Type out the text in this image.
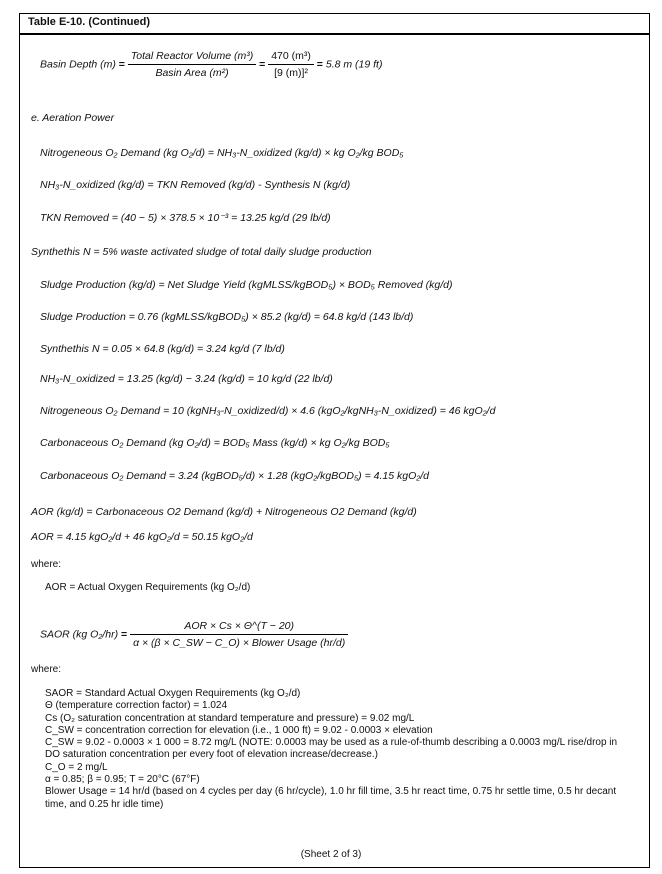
Table E-10. (Continued)
Basin Depth $(m) = \frac{\text{Total Reactor Volume (m³)}}{\text{Basin Area (m²)}} = \frac{\text{470 (m³)}}{\text{[9 (m)]²}} = 5.8$ m (19 ft)
e. Aeration Power
Nitrogeneous O₂ Demand (kg O₂/d) = NH₃-N_oxidized (kg/d) × kg O₂/kg BOD₅
NH₃-N_oxidized (kg/d) = TKN Removed (kg/d) - Synthesis N (kg/d)
TKN Removed = (40 − 5) × 378.5 × 10⁻³ = 13.25 kg/d (29 lb/d)
Synthethis N = 5% waste activated sludge of total daily sludge production
Sludge Production (kg/d) = Net Sludge Yield (kgMLSS/kgBOD₅) × BOD₅ Removed (kg/d)
Sludge Production = 0.76 (kgMLSS/kgBOD₅) × 85.2 (kg/d) = 64.8 kg/d (143 lb/d)
Synthethis N = 0.05 × 64.8 (kg/d) = 3.24 kg/d (7 lb/d)
NH₃-N_oxidized = 13.25 (kg/d) − 3.24 (kg/d) = 10 kg/d (22 lb/d)
Nitrogeneous O₂ Demand = 10 (kgNH₃-N_oxidized/d) × 4.6 (kgO₂/kgNH₃-N_oxidized) = 46 kgO₂/d
Carbonaceous O₂ Demand (kg O₂/d) = BOD₅ Mass (kg/d) × kg O₂/kg BOD₅
Carbonaceous O₂ Demand = 3.24 (kgBOD₅/d) × 1.28 (kgO₂/kgBOD₅) = 4.15 kgO₂/d
AOR (kg/d) = Carbonaceous O2 Demand (kg/d) + Nitrogeneous O2 Demand (kg/d)
AOR = 4.15 kgO₂/d + 46 kgO₂/d = 50.15 kgO₂/d
where:
AOR = Actual Oxygen Requirements (kg O₂/d)
SAOR (kg $O_2/hr) = \frac{\text{AOR × Cs × Θ\textasciicircum{}(T − 20)}}{\text{α × (β × C\_SW − C\_O) × Blower Usage (hr/d)}}$
where:
SAOR = Standard Actual Oxygen Requirements (kg O₂/d)
Θ (temperature correction factor) = 1.024
Cs (O₂ saturation concentration at standard temperature and pressure) = 9.02 mg/L
C_SW = concentration correction for elevation (i.e., 1 000 ft) = 9.02 - 0.0003 × elevation
C_SW = 9.02 - 0.0003 × 1 000 = 8.72 mg/L (NOTE: 0.0003 may be used as a rule-of-thumb describing a 0.0003 mg/L rise/drop in
DO saturation concentration per every foot of elevation increase/decrease.)
C_O = 2 mg/L
α = 0.85; β = 0.95; T = 20°C (67°F)
Blower Usage = 14 hr/d (based on 4 cycles per day (6 hr/cycle), 1.0 hr fill time, 3.5 hr react time, 0.75 hr settle time, 0.5 hr decant
time, and 0.25 hr idle time)
(Sheet 2 of 3)
